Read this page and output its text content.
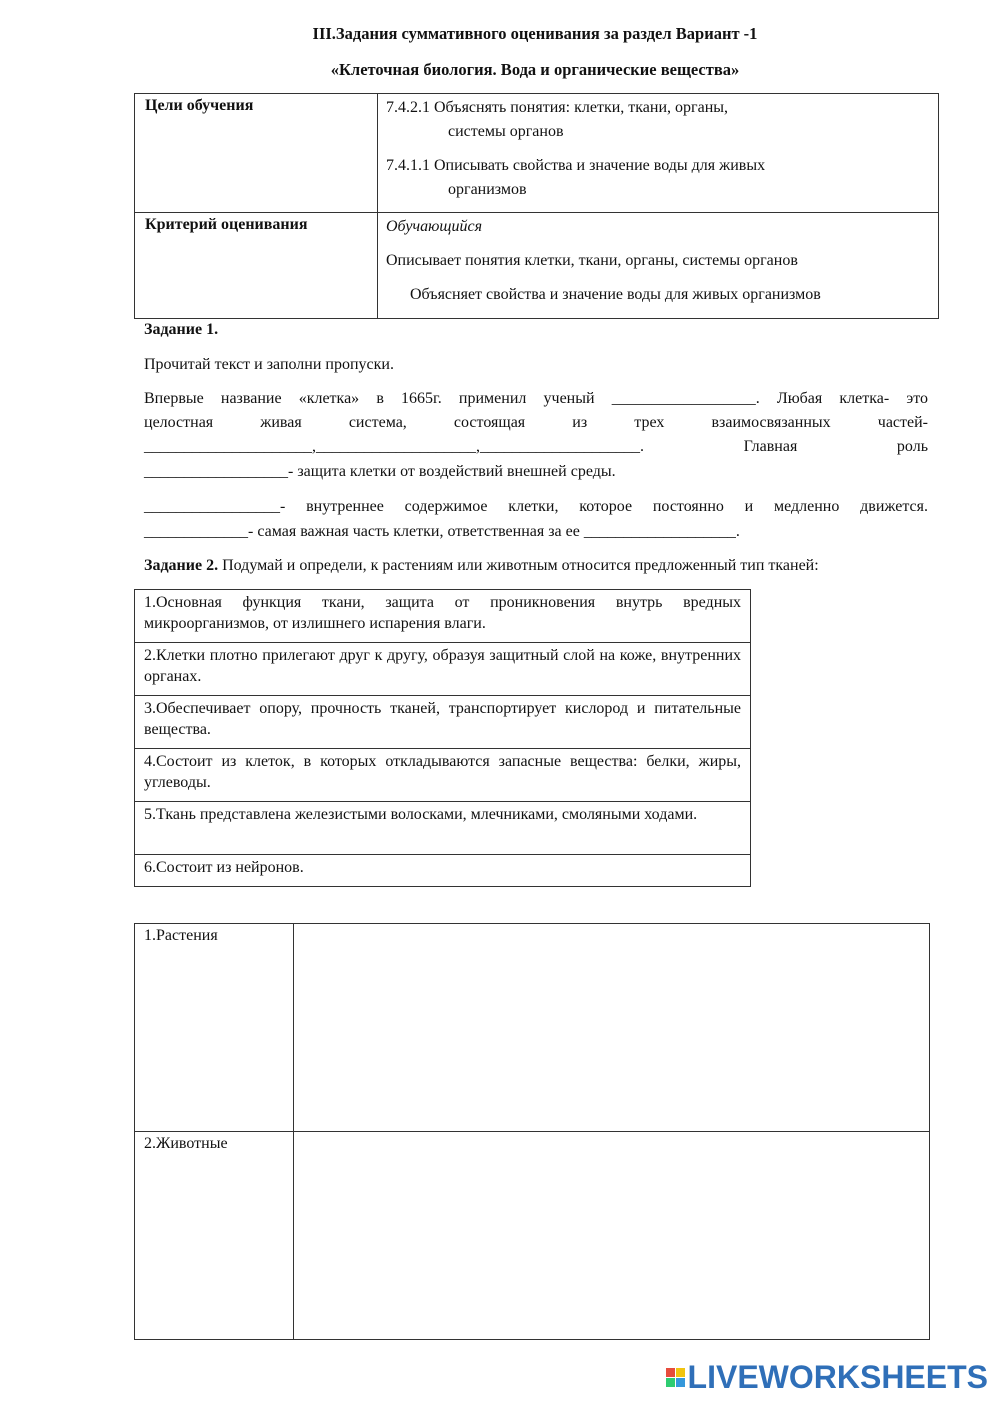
III.Задания суммативного оценивания за раздел Вариант -1
«Клеточная биология. Вода и органические вещества»
Цели обучения	7.4.2.1 Объяснять понятия: клетки, ткани, органы,

системы органов

7.4.1.1 Описывать свойства и значение воды для живых

организмов

Критерий оценивания	Обучающийся

Описывает понятия клетки, ткани, органы, системы органов

Объясняет свойства и значение воды для живых организмов

Задание 1.
Прочитай текст и заполни пропуски.
Впервые название «клетка» в 1665г. применил ученый __________________. Любая клетка- это
целостная живая система, состоящая из трех взаимосвязанных частей-
_____________________,____________________,____________________. Главная роль
__________________- защита клетки от воздействий внешней среды.
_________________- внутреннее содержимое клетки, которое постоянно и медленно движется.
_____________- самая важная часть клетки, ответственная за ее ___________________.
Задание 2. Подумай и определи, к растениям или животным относится предложенный тип тканей:
1.Основная функция ткани, защита от проникновения внутрь вредных микроорганизмов, от излишнего испарения влаги.
2.Клетки плотно прилегают друг к другу, образуя защитный слой на коже, внутренних органах.
3.Обеспечивает опору, прочность тканей, транспортирует кислород и питательные вещества.
4.Состоит из клеток, в которых откладываются запасные вещества: белки, жиры, углеводы.
5.Ткань представлена железистыми волосками, млечниками, смоляными ходами.
6.Состоит из нейронов.
1.Растения	
2.Животные	
LIVEWORKSHEETS
